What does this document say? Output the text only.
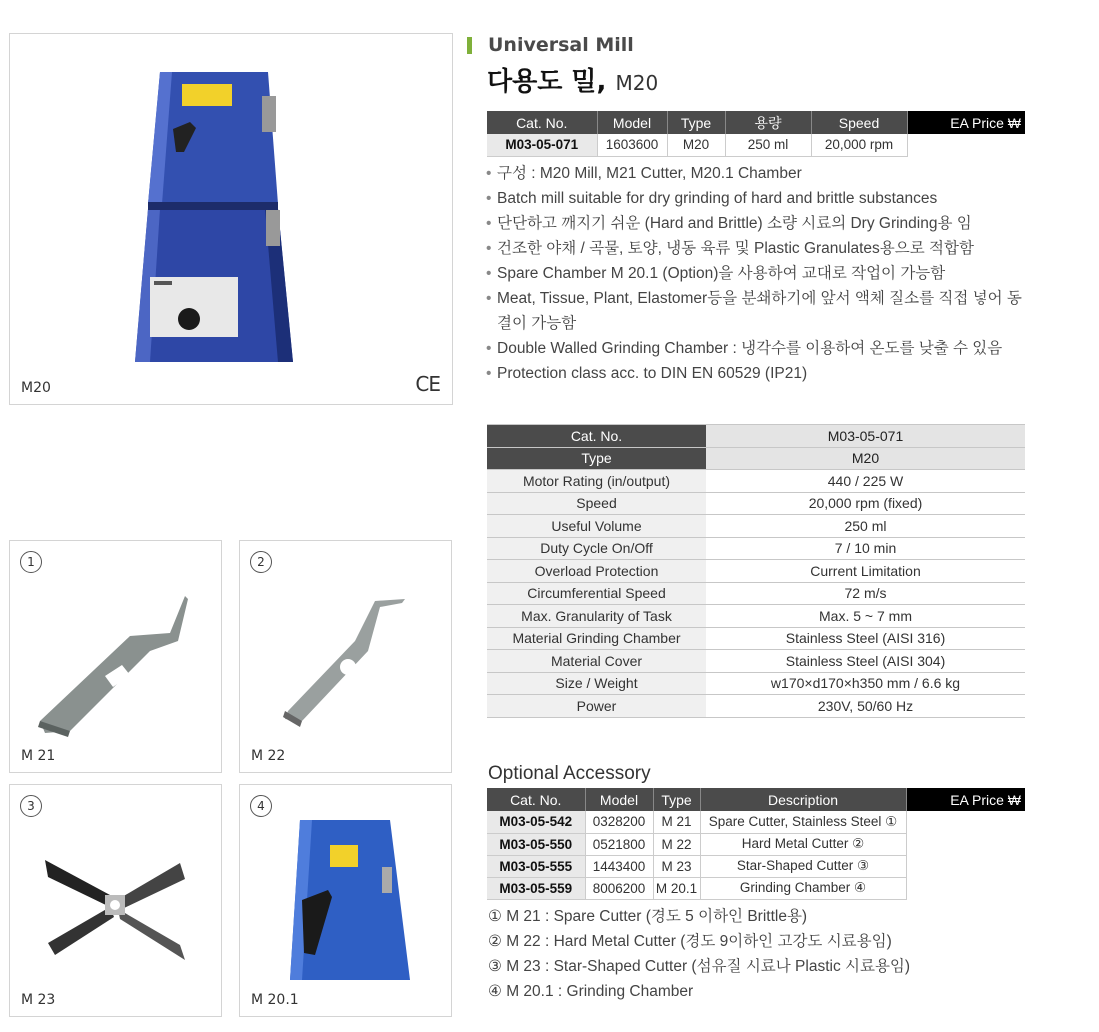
M20	CE
1
M 21
2
M 22
3
M 23
4
M 20.1
Universal Mill
다용도 밀, M20
Cat. No.	Model	Type	용량	Speed	EA Price ₩
M03-05-071	1603600	M20	250 ml	20,000 rpm	
• 구성 : M20 Mill, M21 Cutter, M20.1 Chamber
• Batch mill suitable for dry grinding of hard and brittle substances
• 단단하고 깨지기 쉬운 (Hard and Brittle) 소량 시료의 Dry Grinding용 임
• 건조한 야채 / 곡물, 토양, 냉동 육류 및 Plastic Granulates용으로 적합함
• Spare Chamber M 20.1 (Option)을 사용하여 교대로 작업이 가능함
• Meat, Tissue, Plant, Elastomer등을 분쇄하기에 앞서 액체 질소를 직접 넣어 동결이 가능함
• Double Walled Grinding Chamber : 냉각수를 이용하여 온도를 낮출 수 있음
• Protection class acc. to DIN EN 60529 (IP21)
Cat. No.	M03-05-071
Type	M20
Motor Rating (in/output)	440 / 225 W
Speed	20,000 rpm (fixed)
Useful Volume	250 ml
Duty Cycle On/Off	7 / 10 min
Overload Protection	Current Limitation
Circumferential Speed	72 m/s
Max. Granularity of Task	Max. 5 ~ 7 mm
Material Grinding Chamber	Stainless Steel (AISI 316)
Material Cover	Stainless Steel (AISI 304)
Size / Weight	w170×d170×h350 mm / 6.6 kg
Power	230V, 50/60 Hz
Optional Accessory
Cat. No.	Model	Type	Description	EA Price ₩
M03-05-542	0328200	M 21	Spare Cutter, Stainless Steel ①	
M03-05-550	0521800	M 22	Hard Metal Cutter ②	
M03-05-555	1443400	M 23	Star-Shaped Cutter ③	
M03-05-559	8006200	M 20.1	Grinding Chamber ④	
① M 21 : Spare Cutter (경도 5 이하인 Brittle용)
② M 22 : Hard Metal Cutter (경도 9이하인 고강도 시료용임)
③ M 23 : Star-Shaped Cutter (섬유질 시료나 Plastic 시료용임)
④ M 20.1 : Grinding Chamber
